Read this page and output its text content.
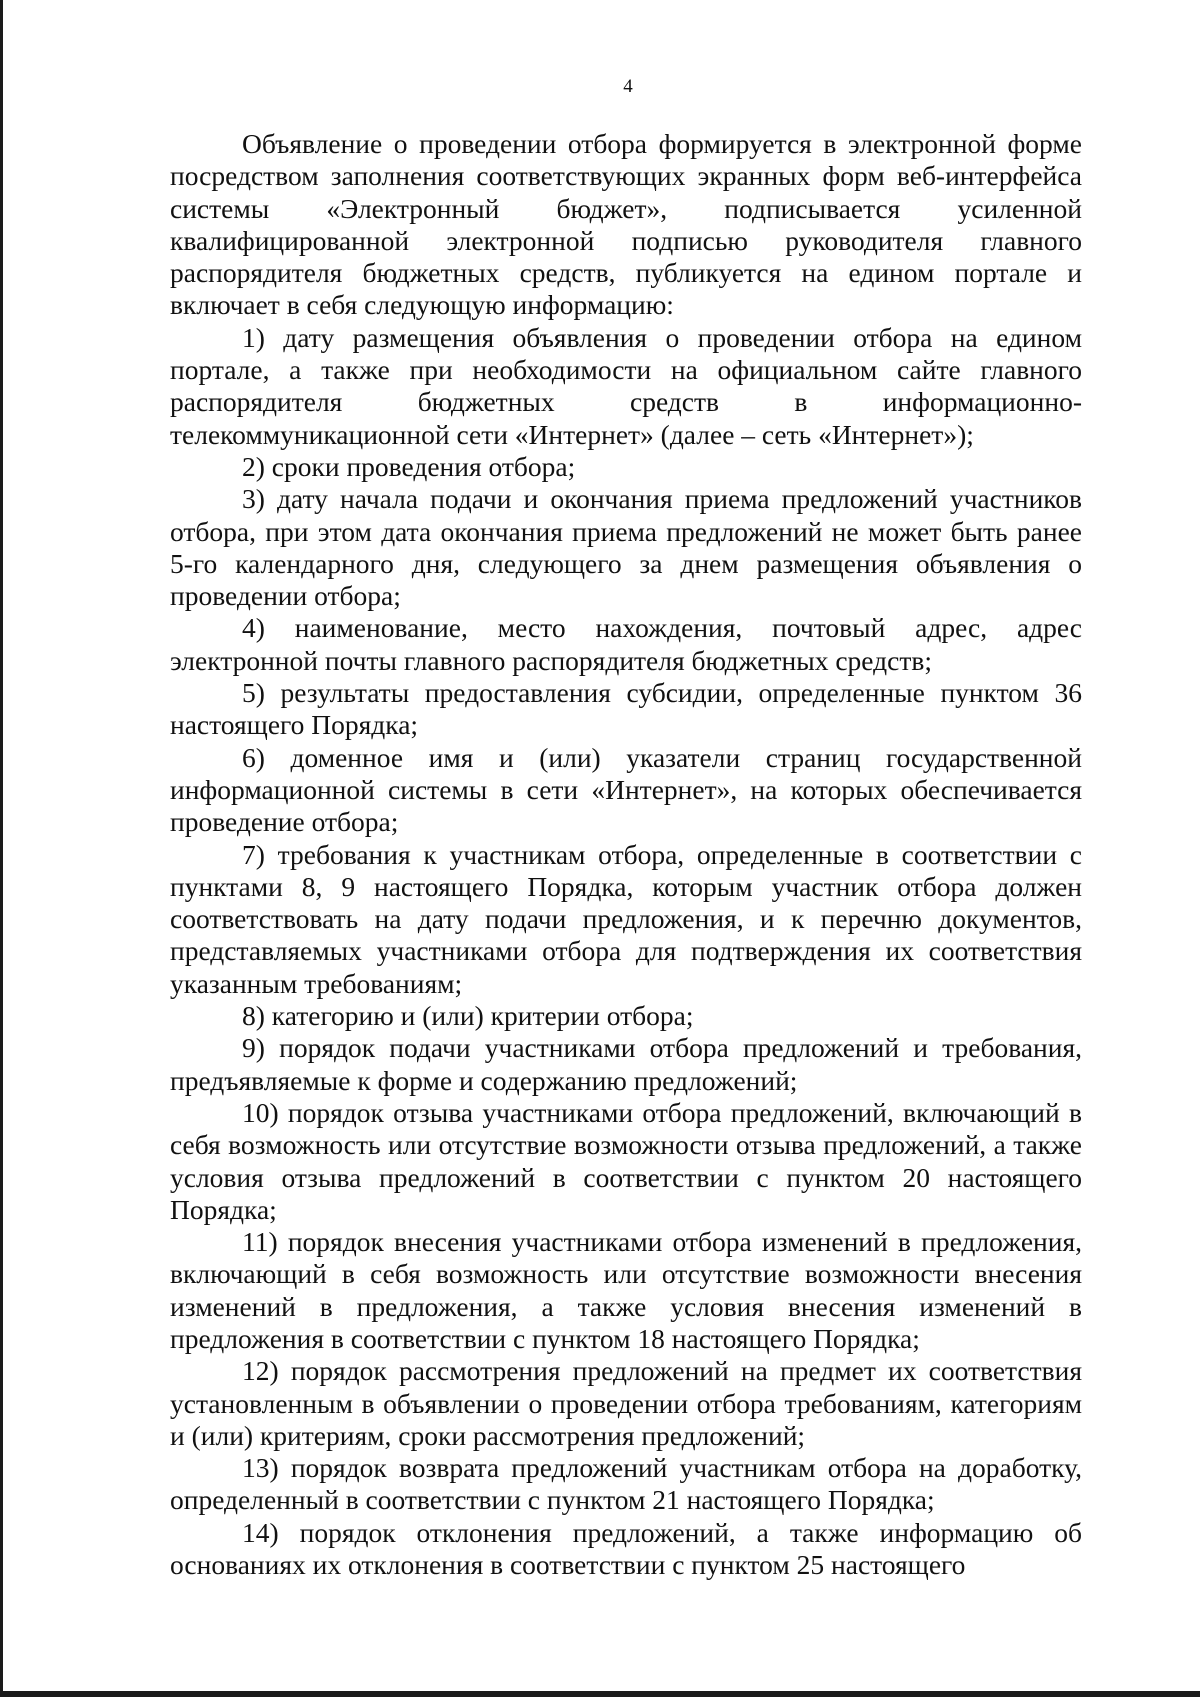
4

Объявление о проведении отбора формируется в электронной форме посредством заполнения соответствующих экранных форм веб-интерфейса системы «Электронный бюджет», подписывается усиленной квалифицированной электронной подписью руководителя главного распорядителя бюджетных средств, публикуется на едином портале и включает в себя следующую информацию:

1) дату размещения объявления о проведении отбора на едином портале, а также при необходимости на официальном сайте главного распорядителя бюджетных средств в информационно-телекоммуникационной сети «Интернет» (далее – сеть «Интернет»);

2) сроки проведения отбора;

3) дату начала подачи и окончания приема предложений участников отбора, при этом дата окончания приема предложений не может быть ранее 5-го календарного дня, следующего за днем размещения объявления о проведении отбора;

4) наименование, место нахождения, почтовый адрес, адрес электронной почты главного распорядителя бюджетных средств;

5) результаты предоставления субсидии, определенные пунктом 36 настоящего Порядка;

6) доменное имя и (или) указатели страниц государственной информационной системы в сети «Интернет», на которых обеспечивается проведение отбора;

7) требования к участникам отбора, определенные в соответствии с пунктами 8, 9 настоящего Порядка, которым участник отбора должен соответствовать на дату подачи предложения, и к перечню документов, представляемых участниками отбора для подтверждения их соответствия указанным требованиям;

8) категорию и (или) критерии отбора;

9) порядок подачи участниками отбора предложений и требования, предъявляемые к форме и содержанию предложений;

10) порядок отзыва участниками отбора предложений, включающий в себя возможность или отсутствие возможности отзыва предложений, а также условия отзыва предложений в соответствии с пунктом 20 настоящего Порядка;

11) порядок внесения участниками отбора изменений в предложения, включающий в себя возможность или отсутствие возможности внесения изменений в предложения, а также условия внесения изменений в предложения в соответствии с пунктом 18 настоящего Порядка;

12) порядок рассмотрения предложений на предмет их соответствия установленным в объявлении о проведении отбора требованиям, категориям и (или) критериям, сроки рассмотрения предложений;

13) порядок возврата предложений участникам отбора на доработку, определенный в соответствии с пунктом 21 настоящего Порядка;

14) порядок отклонения предложений, а также информацию об основаниях их отклонения в соответствии с пунктом 25 настоящего
